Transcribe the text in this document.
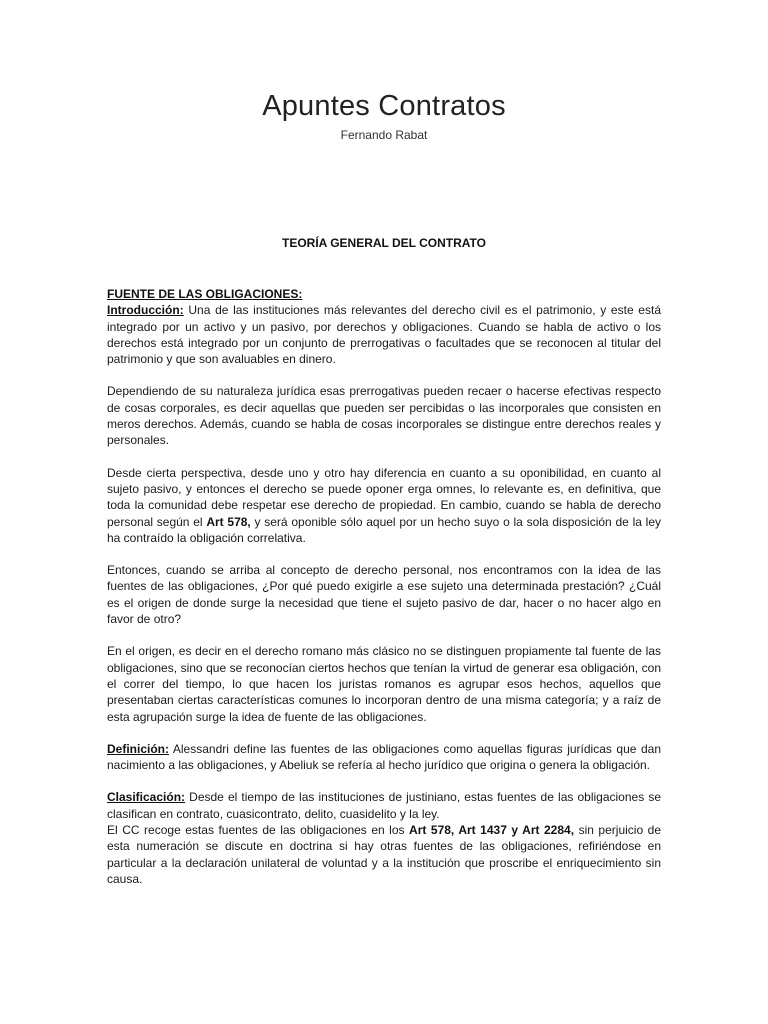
Apuntes Contratos
Fernando Rabat
TEORÍA GENERAL DEL CONTRATO

FUENTE DE LAS OBLIGACIONES:
Introducción: Una de las instituciones más relevantes del derecho civil es el patrimonio, y este está integrado por un activo y un pasivo, por derechos y obligaciones. Cuando se habla de activo o los derechos está integrado por un conjunto de prerrogativas o facultades que se reconocen al titular del patrimonio y que son avaluables en dinero.

Dependiendo de su naturaleza jurídica esas prerrogativas pueden recaer o hacerse efectivas respecto de cosas corporales, es decir aquellas que pueden ser percibidas o las incorporales que consisten en meros derechos. Además, cuando se habla de cosas incorporales se distingue entre derechos reales y personales.

Desde cierta perspectiva, desde uno y otro hay diferencia en cuanto a su oponibilidad, en cuanto al sujeto pasivo, y entonces el derecho se puede oponer erga omnes, lo relevante es, en definitiva, que toda la comunidad debe respetar ese derecho de propiedad. En cambio, cuando se habla de derecho personal según el Art 578, y será oponible sólo aquel por un hecho suyo o la sola disposición de la ley ha contraído la obligación correlativa.

Entonces, cuando se arriba al concepto de derecho personal, nos encontramos con la idea de las fuentes de las obligaciones, ¿Por qué puedo exigirle a ese sujeto una determinada prestación? ¿Cuál es el origen de donde surge la necesidad que tiene el sujeto pasivo de dar, hacer o no hacer algo en favor de otro?

En el origen, es decir en el derecho romano más clásico no se distinguen propiamente tal fuente de las obligaciones, sino que se reconocían ciertos hechos que tenían la virtud de generar esa obligación, con el correr del tiempo, lo que hacen los juristas romanos es agrupar esos hechos, aquellos que presentaban ciertas características comunes lo incorporan dentro de una misma categoría; y a raíz de esta agrupación surge la idea de fuente de las obligaciones.

Definición: Alessandri define las fuentes de las obligaciones como aquellas figuras jurídicas que dan nacimiento a las obligaciones, y Abeliuk se refería al hecho jurídico que origina o genera la obligación.

Clasificación: Desde el tiempo de las instituciones de justiniano, estas fuentes de las obligaciones se clasifican en contrato, cuasicontrato, delito, cuasidelito y la ley.

El CC recoge estas fuentes de las obligaciones en los Art 578, Art 1437 y Art 2284, sin perjuicio de esta numeración se discute en doctrina si hay otras fuentes de las obligaciones, refiriéndose en particular a la declaración unilateral de voluntad y a la institución que proscribe el enriquecimiento sin causa.
